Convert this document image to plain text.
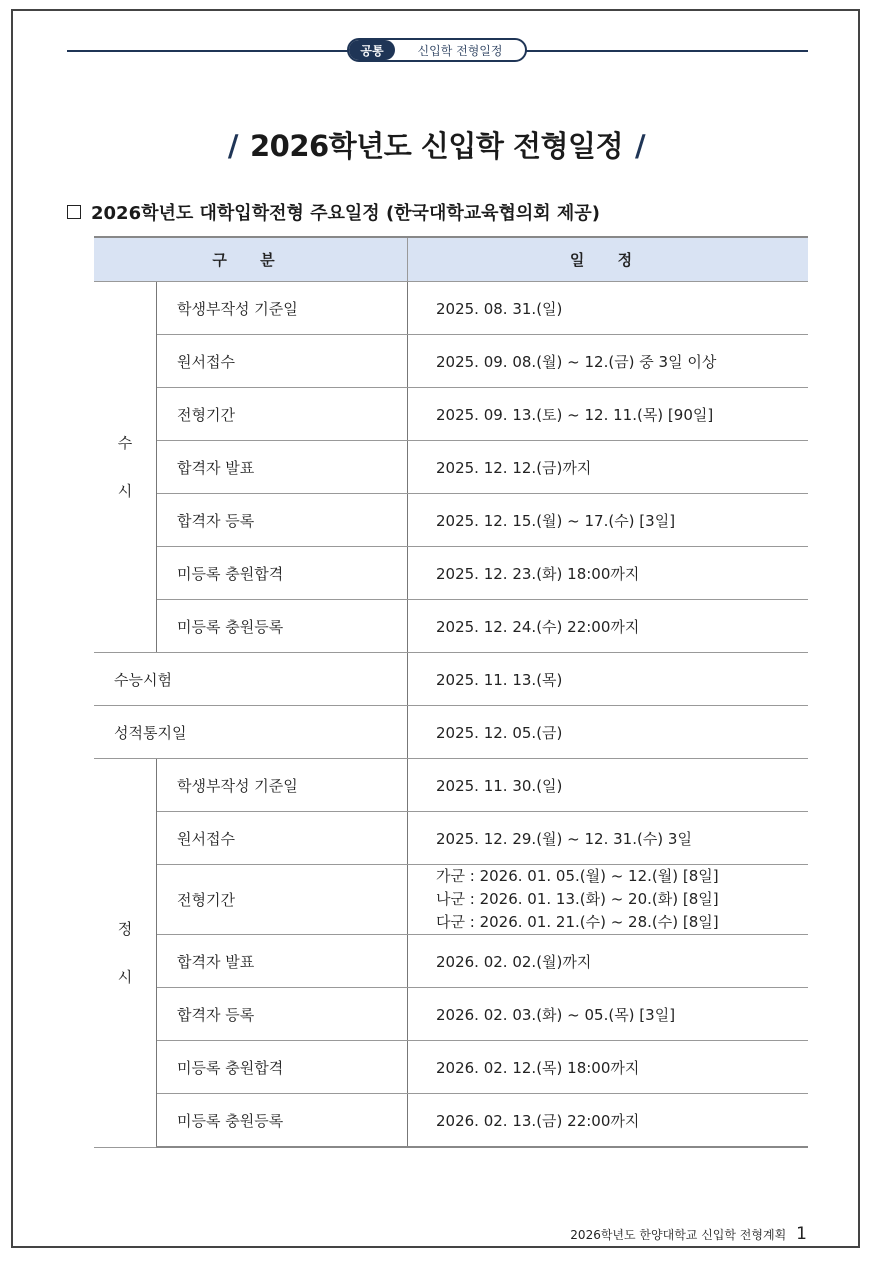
공통	신입학 전형일정
/ 2026학년도 신입학 전형일정 /
2026학년도 대학입학전형 주요일정 (한국대학교육협의회 제공)
구 분		일 정

수
시	학생부작성 기준일	2025. 08. 31.(일)
	원서접수	2025. 09. 08.(월) ~ 12.(금) 중 3일 이상
	전형기간	2025. 09. 13.(토) ~ 12. 11.(목) [90일]
	합격자 발표	2025. 12. 12.(금)까지
	합격자 등록	2025. 12. 15.(월) ~ 17.(수) [3일]
	미등록 충원합격	2025. 12. 23.(화) 18:00까지
	미등록 충원등록	2025. 12. 24.(수) 22:00까지
수능시험		2025. 11. 13.(목)
성적통지일		2025. 12. 05.(금)

정
시	학생부작성 기준일	2025. 11. 30.(일)
	원서접수	2025. 12. 29.(월) ~ 12. 31.(수) 3일
	전형기간	가군 : 2026. 01. 05.(월) ~ 12.(월) [8일]
나군 : 2026. 01. 13.(화) ~ 20.(화) [8일]
다군 : 2026. 01. 21.(수) ~ 28.(수) [8일]

	합격자 발표	2026. 02. 02.(월)까지
	합격자 등록	2026. 02. 03.(화) ~ 05.(목) [3일]
	미등록 충원합격	2026. 02. 12.(목) 18:00까지
	미등록 충원등록	2026. 02. 13.(금) 22:00까지
2026학년도 한양대학교 신입학 전형계획 1
